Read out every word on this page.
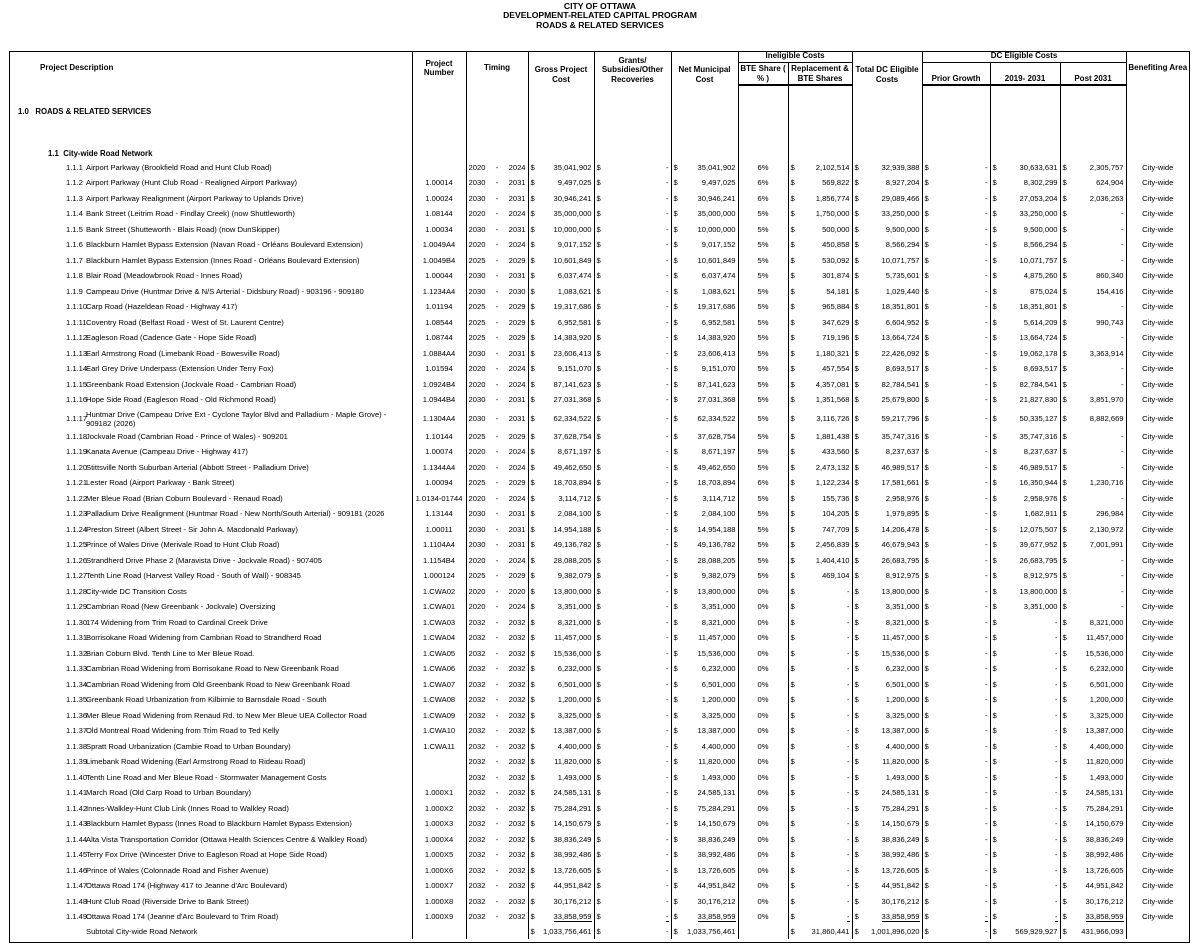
CITY OF OTTAWA
DEVELOPMENT-RELATED CAPITAL PROGRAM
ROADS & RELATED SERVICES
Project Description			Project Number	Timing	Gross Project Cost	Grants/ Subsidies/Other Recoveries	Net Municipal Cost	Ineligible Costs		Total DC Eligible Costs	DC Eligible Costs			Benefiting Area
								BTE Share ( % )	Replacement & BTE Shares		Prior Growth	2019- 2031	Post 2031	
1.0 ROADS & RELATED SERVICES														
	1.1 City-wide Road Network													
	1.1.1	Airport Parkway (Brookfield Road and Hunt Club Road)		2020 - 2024	$ 35,041,902	$ -	$ 35,041,902	6%	$ 2,102,514	$ 32,939,388	$ -	$ 30,633,631	$ 2,305,757	City-wide
	1.1.2	Airport Parkway (Hunt Club Road - Realigned Airport Parkway)	1.00014	2030 - 2031	$ 9,497,025	$ -	$ 9,497,025	6%	$ 569,822	$ 8,927,204	$ -	$ 8,302,299	$ 624,904	City-wide
	1.1.3	Airport Parkway Realignment (Airport Parkway to Uplands Drive)	1.00024	2030 - 2031	$ 30,946,241	$ -	$ 30,946,241	6%	$ 1,856,774	$ 29,089,466	$ -	$ 27,053,204	$ 2,036,263	City-wide
	1.1.4	Bank Street (Leitrim Road - Findlay Creek) (now Shuttleworth)	1.08144	2020 - 2024	$ 35,000,000	$ -	$ 35,000,000	5%	$ 1,750,000	$ 33,250,000	$ -	$ 33,250,000	$ -	City-wide
	1.1.5	Bank Street (Shutteworth - Blais Road) (now DunSkipper)	1.00034	2030 - 2031	$ 10,000,000	$ -	$ 10,000,000	5%	$ 500,000	$ 9,500,000	$ -	$ 9,500,000	$ -	City-wide
	1.1.6	Blackburn Hamlet Bypass Extension (Navan Road - Orléans Boulevard Extension)	1.0049A4	2020 - 2024	$ 9,017,152	$ -	$ 9,017,152	5%	$ 450,858	$ 8,566,294	$ -	$ 8,566,294	$ -	City-wide
	1.1.7	Blackburn Hamlet Bypass Extension (Innes Road - Orléans Boulevard Extension)	1.0049B4	2025 - 2029	$ 10,601,849	$ -	$ 10,601,849	5%	$ 530,092	$ 10,071,757	$ -	$ 10,071,757	$ -	City-wide
	1.1.8	Blair Road (Meadowbrook Road - Innes Road)	1.00044	2030 - 2031	$ 6,037,474	$ -	$ 6,037,474	5%	$ 301,874	$ 5,735,601	$ -	$ 4,875,260	$ 860,340	City-wide
	1.1.9	Campeau Drive (Huntmar Drive & N/S Arterial - Didsbury Road) - 903196 - 909180	1.1234A4	2030 - 2030	$ 1,083,621	$ -	$ 1,083,621	5%	$ 54,181	$ 1,029,440	$ -	$ 875,024	$ 154,416	City-wide
	1.1.10	Carp Road (Hazeldean Road - Highway 417)	1.01194	2025 - 2029	$ 19,317,686	$ -	$ 19,317,686	5%	$ 965,884	$ 18,351,801	$ -	$ 18,351,801	$ -	City-wide
	1.1.11	Coventry Road (Belfast Road - West of St. Laurent Centre)	1.08544	2025 - 2029	$ 6,952,581	$ -	$ 6,952,581	5%	$ 347,629	$ 6,604,952	$ -	$ 5,614,209	$ 990,743	City-wide
	1.1.12	Eagleson Road (Cadence Gate - Hope Side Road)	1.08744	2025 - 2029	$ 14,383,920	$ -	$ 14,383,920	5%	$ 719,196	$ 13,664,724	$ -	$ 13,664,724	$ -	City-wide
	1.1.13	Earl Armstrong Road (Limebank Road - Bowesville Road)	1.0884A4	2030 - 2031	$ 23,606,413	$ -	$ 23,606,413	5%	$ 1,180,321	$ 22,426,092	$ -	$ 19,062,178	$ 3,363,914	City-wide
	1.1.14	Earl Grey Drive Underpass (Extension Under Terry Fox)	1.01594	2020 - 2024	$ 9,151,070	$ -	$ 9,151,070	5%	$ 457,554	$ 8,693,517	$ -	$ 8,693,517	$ -	City-wide
	1.1.15	Greenbank Road Extension (Jockvale Road - Cambrian Road)	1.0924B4	2020 - 2024	$ 87,141,623	$ -	$ 87,141,623	5%	$ 4,357,081	$ 82,784,541	$ -	$ 82,784,541	$ -	City-wide
	1.1.16	Hope Side Road (Eagleson Road - Old Richmond Road)	1.0944B4	2030 - 2031	$ 27,031,368	$ -	$ 27,031,368	5%	$ 1,351,568	$ 25,679,800	$ -	$ 21,827,830	$ 3,851,970	City-wide
	1.1.17	Huntmar Drive (Campeau Drive Ext - Cyclone Taylor Blvd and Palladium - Maple Grove) - 909182 (2026)	1.1304A4	2030 - 2031	$ 62,334,522	$ -	$ 62,334,522	5%	$ 3,116,726	$ 59,217,796	$ -	$ 50,335,127	$ 8,882,669	City-wide
	1.1.18	Jockvale Road (Cambrian Road - Prince of Wales) - 909201	1.10144	2025 - 2029	$ 37,628,754	$ -	$ 37,628,754	5%	$ 1,881,438	$ 35,747,316	$ -	$ 35,747,316	$ -	City-wide
	1.1.19	Kanata Avenue (Campeau Drive - Highway 417)	1.00074	2020 - 2024	$ 8,671,197	$ -	$ 8,671,197	5%	$ 433,560	$ 8,237,637	$ -	$ 8,237,637	$ -	City-wide
	1.1.20	Stittsville North Suburban Arterial (Abbott Street - Palladium Drive)	1.1344A4	2020 - 2024	$ 49,462,650	$ -	$ 49,462,650	5%	$ 2,473,132	$ 46,989,517	$ -	$ 46,989,517	$ -	City-wide
	1.1.21	Lester Road (Airport Parkway - Bank Street)	1.00094	2025 - 2029	$ 18,703,894	$ -	$ 18,703,894	6%	$ 1,122,234	$ 17,581,661	$ -	$ 16,350,944	$ 1,230,716	City-wide
	1.1.22	Mer Bleue Road (Brian Coburn Boulevard - Renaud Road)	1.0134-01744	2020 - 2024	$ 3,114,712	$ -	$ 3,114,712	5%	$ 155,736	$ 2,958,976	$ -	$ 2,958,976	$ -	City-wide
	1.1.23	Palladium Drive Realignment (Huntmar Road - New North/South Arterial) - 909181 (2026	1.13144	2030 - 2031	$ 2,084,100	$ -	$ 2,084,100	5%	$ 104,205	$ 1,979,895	$ -	$ 1,682,911	$ 296,984	City-wide
	1.1.24	Preston Street (Albert Street - Sir John A. Macdonald Parkway)	1.00011	2030 - 2031	$ 14,954,188	$ -	$ 14,954,188	5%	$ 747,709	$ 14,206,478	$ -	$ 12,075,507	$ 2,130,972	City-wide
	1.1.25	Prince of Wales Drive (Merivale Road to Hunt Club Road)	1.1104A4	2030 - 2031	$ 49,136,782	$ -	$ 49,136,782	5%	$ 2,456,839	$ 46,679,943	$ -	$ 39,677,952	$ 7,001,991	City-wide
	1.1.26	Strandherd Drive Phase 2 (Maravista Drive - Jockvale Road) - 907405	1.1154B4	2020 - 2024	$ 28,088,205	$ -	$ 28,088,205	5%	$ 1,404,410	$ 26,683,795	$ -	$ 26,683,795	$ -	City-wide
	1.1.27	Tenth Line Road (Harvest Valley Road - South of Wall) - 908345	1.000124	2025 - 2029	$ 9,382,079	$ -	$ 9,382,079	5%	$ 469,104	$ 8,912,975	$ -	$ 8,912,975	$ -	City-wide
	1.1.28	City-wide DC Transition Costs	1.CWA02	2020 - 2020	$ 13,800,000	$ -	$ 13,800,000	0%	$ -	$ 13,800,000	$ -	$ 13,800,000	$ -	City-wide
	1.1.29	Cambrian Road (New Greenbank - Jockvale) Oversizing	1.CWA01	2020 - 2024	$ 3,351,000	$ -	$ 3,351,000	0%	$ -	$ 3,351,000	$ -	$ 3,351,000	$ -	City-wide
	1.1.30	174 Widening from Trim Road to Cardinal Creek Drive	1.CWA03	2032 - 2032	$ 8,321,000	$ -	$ 8,321,000	0%	$ -	$ 8,321,000	$ -	$ -	$ 8,321,000	City-wide
	1.1.31	Borrisokane Road Widening from Cambrian Road to Strandherd Road	1.CWA04	2032 - 2032	$ 11,457,000	$ -	$ 11,457,000	0%	$ -	$ 11,457,000	$ -	$ -	$ 11,457,000	City-wide
	1.1.32	Brian Coburn Blvd. Tenth Line to Mer Bleue Road.	1.CWA05	2032 - 2032	$ 15,536,000	$ -	$ 15,536,000	0%	$ -	$ 15,536,000	$ -	$ -	$ 15,536,000	City-wide
	1.1.33	Cambrian Road Widening from Borrisokane Road to New Greenbank Road	1.CWA06	2032 - 2032	$ 6,232,000	$ -	$ 6,232,000	0%	$ -	$ 6,232,000	$ -	$ -	$ 6,232,000	City-wide
	1.1.34	Cambrian Road Widening from Old Greenbank Road to New Greenbank Road	1.CWA07	2032 - 2032	$ 6,501,000	$ -	$ 6,501,000	0%	$ -	$ 6,501,000	$ -	$ -	$ 6,501,000	City-wide
	1.1.35	Greenbank Road Urbanization from Kilbirnie to Barnsdale Road - South	1.CWA08	2032 - 2032	$ 1,200,000	$ -	$ 1,200,000	0%	$ -	$ 1,200,000	$ -	$ -	$ 1,200,000	City-wide
	1.1.36	Mer Bleue Road Widening from Renaud Rd. to New Mer Bleue UEA Collector Road	1.CWA09	2032 - 2032	$ 3,325,000	$ -	$ 3,325,000	0%	$ -	$ 3,325,000	$ -	$ -	$ 3,325,000	City-wide
	1.1.37	Old Montreal Road Widening from Trim Road to Ted Kelly	1.CWA10	2032 - 2032	$ 13,387,000	$ -	$ 13,387,000	0%	$ -	$ 13,387,000	$ -	$ -	$ 13,387,000	City-wide
	1.1.38	Spratt Road Urbanization (Cambie Road to Urban Boundary)	1.CWA11	2032 - 2032	$ 4,400,000	$ -	$ 4,400,000	0%	$ -	$ 4,400,000	$ -	$ -	$ 4,400,000	City-wide
	1.1.39	Limebank Road Widening (Earl Armstrong Road to Rideau Road)		2032 - 2032	$ 11,820,000	$ -	$ 11,820,000	0%	$ -	$ 11,820,000	$ -	$ -	$ 11,820,000	City-wide
	1.1.40	Tenth Line Road and Mer Bleue Road - Stormwater Management Costs		2032 - 2032	$ 1,493,000	$ -	$ 1,493,000	0%	$ -	$ 1,493,000	$ -	$ -	$ 1,493,000	City-wide
	1.1.41	March Road (Old Carp Road to Urban Boundary)	1.000X1	2032 - 2032	$ 24,585,131	$ -	$ 24,585,131	0%	$ -	$ 24,585,131	$ -	$ -	$ 24,585,131	City-wide
	1.1.42	Innes-Walkley-Hunt Club Link (Innes Road to Walkley Road)	1.000X2	2032 - 2032	$ 75,284,291	$ -	$ 75,284,291	0%	$ -	$ 75,284,291	$ -	$ -	$ 75,284,291	City-wide
	1.1.43	Blackburn Hamlet Bypass (Innes Road to Blackburn Hamlet Bypass Extension)	1.000X3	2032 - 2032	$ 14,150,679	$ -	$ 14,150,679	0%	$ -	$ 14,150,679	$ -	$ -	$ 14,150,679	City-wide
	1.1.44	Alta Vista Transportation Corridor (Ottawa Health Sciences Centre & Walkley Road)	1.000X4	2032 - 2032	$ 38,836,249	$ -	$ 38,836,249	0%	$ -	$ 38,836,249	$ -	$ -	$ 38,836,249	City-wide
	1.1.45	Terry Fox Drive (Wincester Drive to Eagleson Road at Hope Side Road)	1.000X5	2032 - 2032	$ 38,992,486	$ -	$ 38,992,486	0%	$ -	$ 38,992,486	$ -	$ -	$ 38,992,486	City-wide
	1.1.46	Prince of Wales (Colonnade Road and Fisher Avenue)	1.000X6	2032 - 2032	$ 13,726,605	$ -	$ 13,726,605	0%	$ -	$ 13,726,605	$ -	$ -	$ 13,726,605	City-wide
	1.1.47	Ottawa Road 174 (Highway 417 to Jeanne d'Arc Boulevard)	1.000X7	2032 - 2032	$ 44,951,842	$ -	$ 44,951,842	0%	$ -	$ 44,951,842	$ -	$ -	$ 44,951,842	City-wide
	1.1.48	Hunt Club Road (Riverside Drive to Bank Street)	1.000X8	2032 - 2032	$ 30,176,212	$ -	$ 30,176,212	0%	$ -	$ 30,176,212	$ -	$ -	$ 30,176,212	City-wide
	1.1.49	Ottawa Road 174 (Jeanne d'Arc Boulevard to Trim Road)	1.000X9	2032 - 2032	$ 33,858,959	$ -	$ 33,858,959	0%	$ -	$ 33,858,959	$ -	$ -	$ 33,858,959	City-wide
		Subtotal City-wide Road Network			$ 1,033,756,461	$ -	$ 1,033,756,461		$ 31,860,441	$ 1,001,896,020	$ -	$ 569,929,927	$ 431,966,093	
